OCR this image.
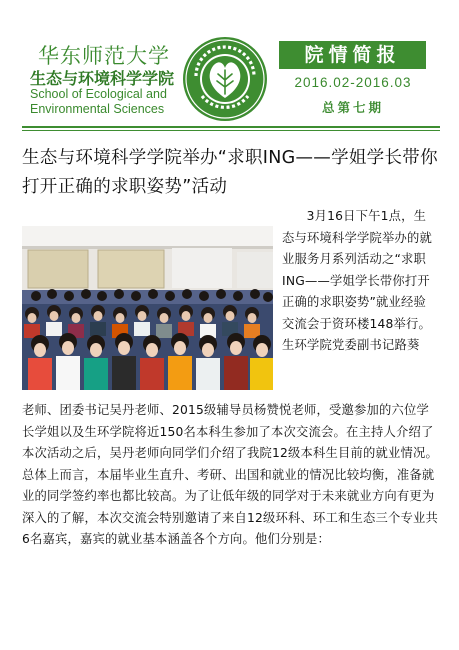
华东师范大学
生态与环境科学学院
School of Ecological and
Environmental Sciences
院情简报
2016.02-2016.03
总第七期
生态与环境科学学院举办“求职ING——学姐学长带你打开正确的求职姿势”活动
3月16日下午1点，生态与环境科学学院举办的就业服务月系列活动之“求职ING——学姐学长带你打开正确的求职姿势”就业经验交流会于资环楼148举行。生环学院党委副书记路葵
老师、团委书记吴丹老师、2015级辅导员杨赞悦老师，受邀参加的六位学长学姐以及生环学院将近150名本科生参加了本次交流会。在主持人介绍了本次活动之后，吴丹老师向同学们介绍了我院12级本科生目前的就业情况。总体上而言，本届毕业生直升、考研、出国和就业的情况比较均衡，准备就业的同学签约率也都比较高。为了让低年级的同学对于未来就业方向有更为深入的了解，本次交流会特别邀请了来自12级环科、环工和生态三个专业共6名嘉宾，嘉宾的就业基本涵盖各个方向。他们分别是：
